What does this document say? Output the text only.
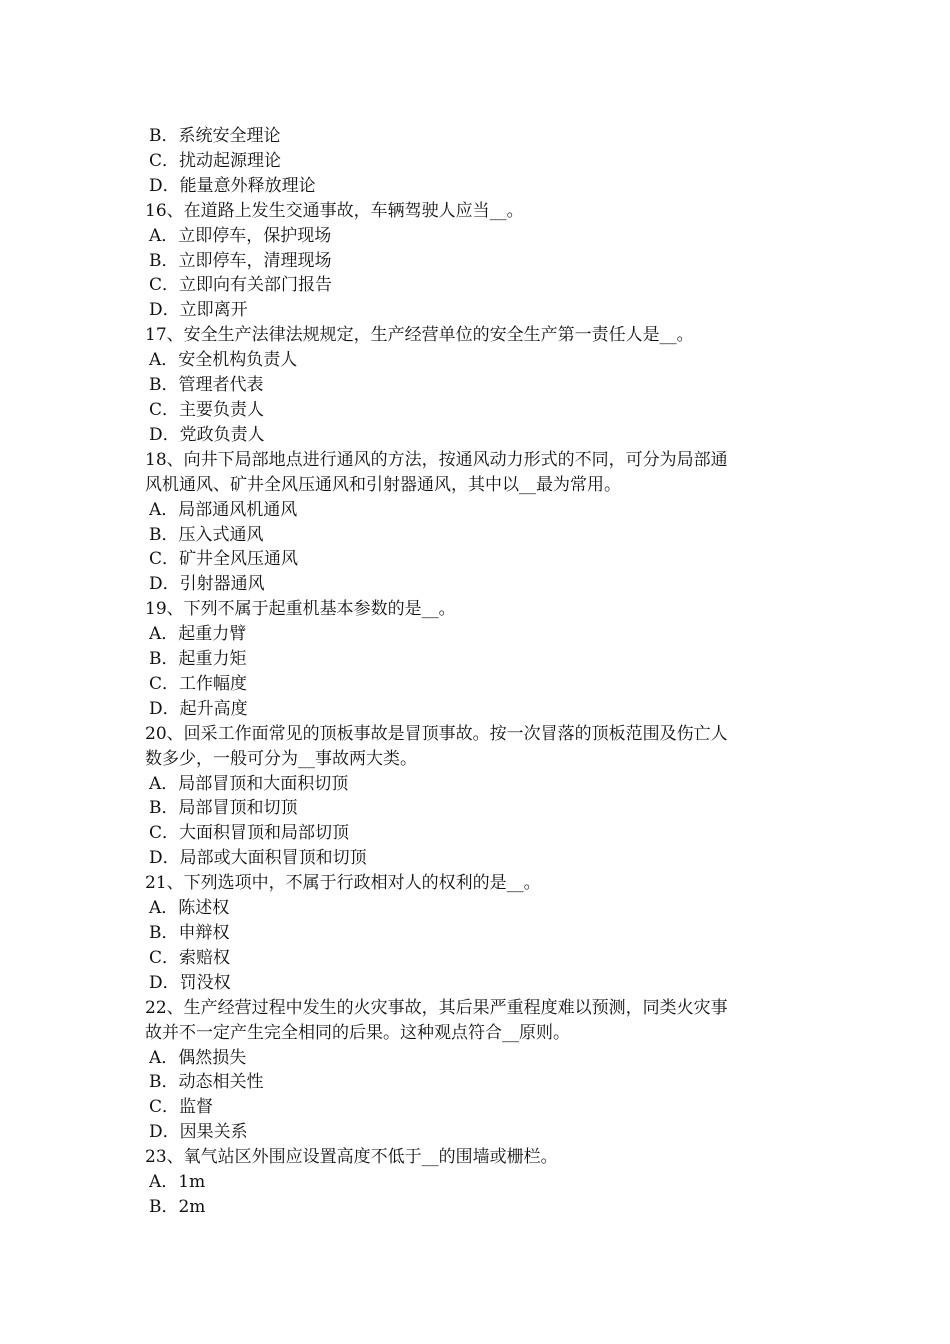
B．系统安全理论
C．扰动起源理论
D．能量意外释放理论
16、在道路上发生交通事故，车辆驾驶人应当__。
A．立即停车，保护现场
B．立即停车，清理现场
C．立即向有关部门报告
D．立即离开
17、安全生产法律法规规定，生产经营单位的安全生产第一责任人是__。
A．安全机构负责人
B．管理者代表
C．主要负责人
D．党政负责人
18、向井下局部地点进行通风的方法，按通风动力形式的不同，可分为局部通
风机通风、矿井全风压通风和引射器通风，其中以__最为常用。
A．局部通风机通风
B．压入式通风
C．矿井全风压通风
D．引射器通风
19、下列不属于起重机基本参数的是__。
A．起重力臂
B．起重力矩
C．工作幅度
D．起升高度
20、回采工作面常见的顶板事故是冒顶事故。按一次冒落的顶板范围及伤亡人
数多少，一般可分为__事故两大类。
A．局部冒顶和大面积切顶
B．局部冒顶和切顶
C．大面积冒顶和局部切顶
D．局部或大面积冒顶和切顶
21、下列选项中，不属于行政相对人的权利的是__。
A．陈述权
B．申辩权
C．索赔权
D．罚没权
22、生产经营过程中发生的火灾事故，其后果严重程度难以预测，同类火灾事
故并不一定产生完全相同的后果。这种观点符合__原则。
A．偶然损失
B．动态相关性
C．监督
D．因果关系
23、氧气站区外围应设置高度不低于__的围墙或栅栏。
A．1m
B．2m
